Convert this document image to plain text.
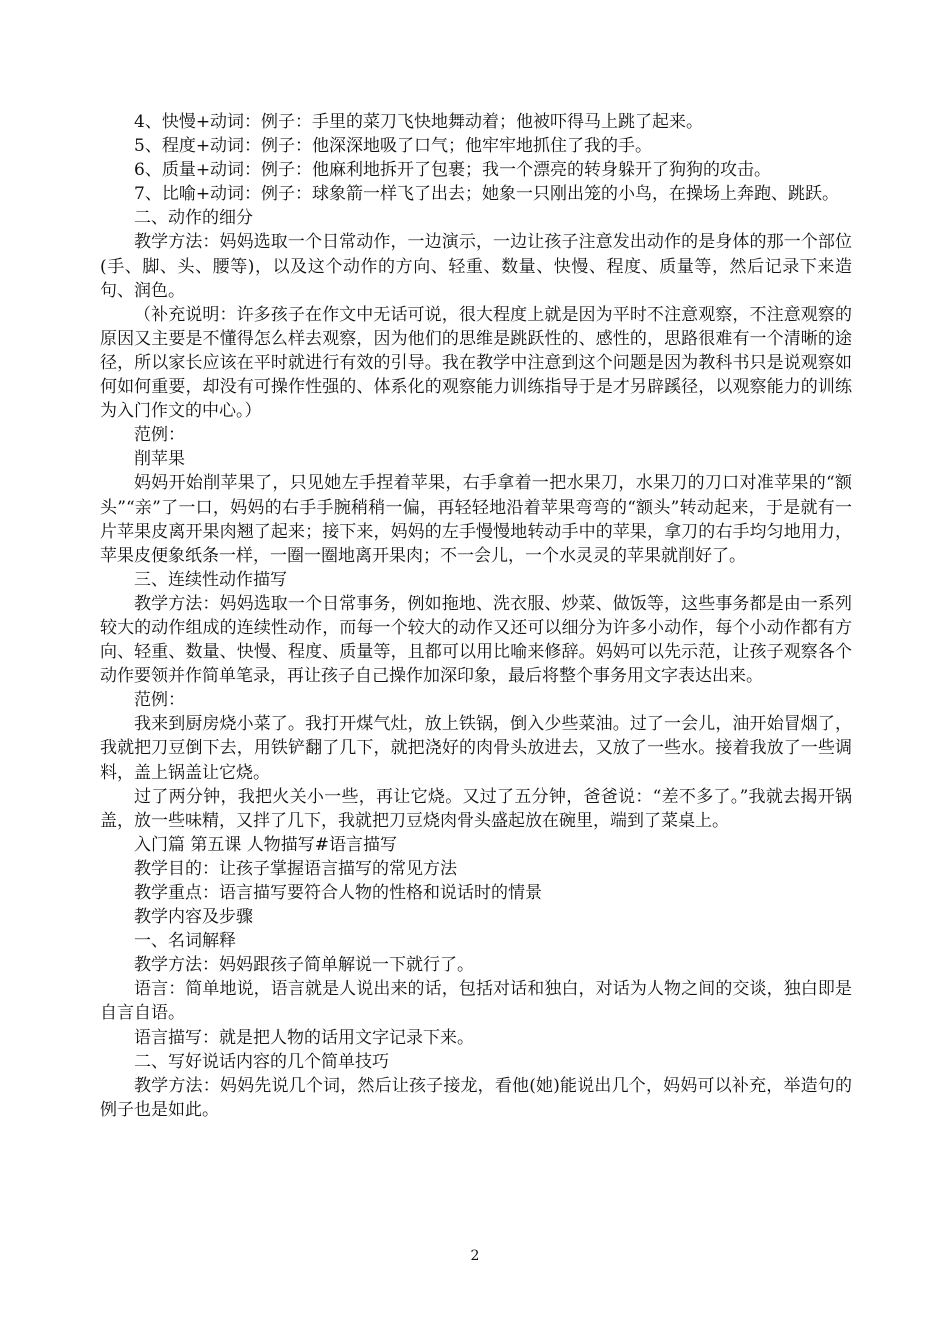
4、快慢+动词：例子：手里的菜刀飞快地舞动着；他被吓得马上跳了起来。

5、程度+动词：例子：他深深地吸了口气；他牢牢地抓住了我的手。

6、质量+动词：例子：他麻利地拆开了包裹；我一个漂亮的转身躲开了狗狗的攻击。

7、比喻+动词：例子：球象箭一样飞了出去；她象一只刚出笼的小鸟，在操场上奔跑、跳跃。

二、动作的细分

教学方法：妈妈选取一个日常动作，一边演示，一边让孩子注意发出动作的是身体的那一个部位(手、脚、头、腰等)，以及这个动作的方向、轻重、数量、快慢、程度、质量等，然后记录下来造句、润色。

（补充说明：许多孩子在作文中无话可说，很大程度上就是因为平时不注意观察，不注意观察的原因又主要是不懂得怎么样去观察，因为他们的思维是跳跃性的、感性的，思路很难有一个清晰的途径，所以家长应该在平时就进行有效的引导。我在教学中注意到这个问题是因为教科书只是说观察如何如何重要，却没有可操作性强的、体系化的观察能力训练指导于是才另辟蹊径，以观察能力的训练为入门作文的中心。）

范例：

削苹果

妈妈开始削苹果了，只见她左手捏着苹果，右手拿着一把水果刀，水果刀的刀口对准苹果的“额头”“亲”了一口，妈妈的右手手腕稍稍一偏，再轻轻地沿着苹果弯弯的“额头”转动起来，于是就有一片苹果皮离开果肉翘了起来；接下来，妈妈的左手慢慢地转动手中的苹果，拿刀的右手均匀地用力，苹果皮便象纸条一样，一圈一圈地离开果肉；不一会儿，一个水灵灵的苹果就削好了。

三、连续性动作描写

教学方法：妈妈选取一个日常事务，例如拖地、洗衣服、炒菜、做饭等，这些事务都是由一系列较大的动作组成的连续性动作，而每一个较大的动作又还可以细分为许多小动作，每个小动作都有方向、轻重、数量、快慢、程度、质量等，且都可以用比喻来修辞。妈妈可以先示范，让孩子观察各个动作要领并作简单笔录，再让孩子自己操作加深印象，最后将整个事务用文字表达出来。

范例：

我来到厨房烧小菜了。我打开煤气灶，放上铁锅，倒入少些菜油。过了一会儿，油开始冒烟了，我就把刀豆倒下去，用铁铲翻了几下，就把浇好的肉骨头放进去，又放了一些水。接着我放了一些调料，盖上锅盖让它烧。

过了两分钟，我把火关小一些，再让它烧。又过了五分钟，爸爸说：“差不多了。”我就去揭开锅盖，放一些味精，又拌了几下，我就把刀豆烧肉骨头盛起放在碗里，端到了菜桌上。

入门篇 第五课 人物描写#语言描写

教学目的：让孩子掌握语言描写的常见方法

教学重点：语言描写要符合人物的性格和说话时的情景

教学内容及步骤

一、名词解释

教学方法：妈妈跟孩子简单解说一下就行了。

语言：简单地说，语言就是人说出来的话，包括对话和独白，对话为人物之间的交谈，独白即是自言自语。

语言描写：就是把人物的话用文字记录下来。

二、写好说话内容的几个简单技巧

教学方法：妈妈先说几个词，然后让孩子接龙，看他(她)能说出几个，妈妈可以补充，举造句的例子也是如此。

2
